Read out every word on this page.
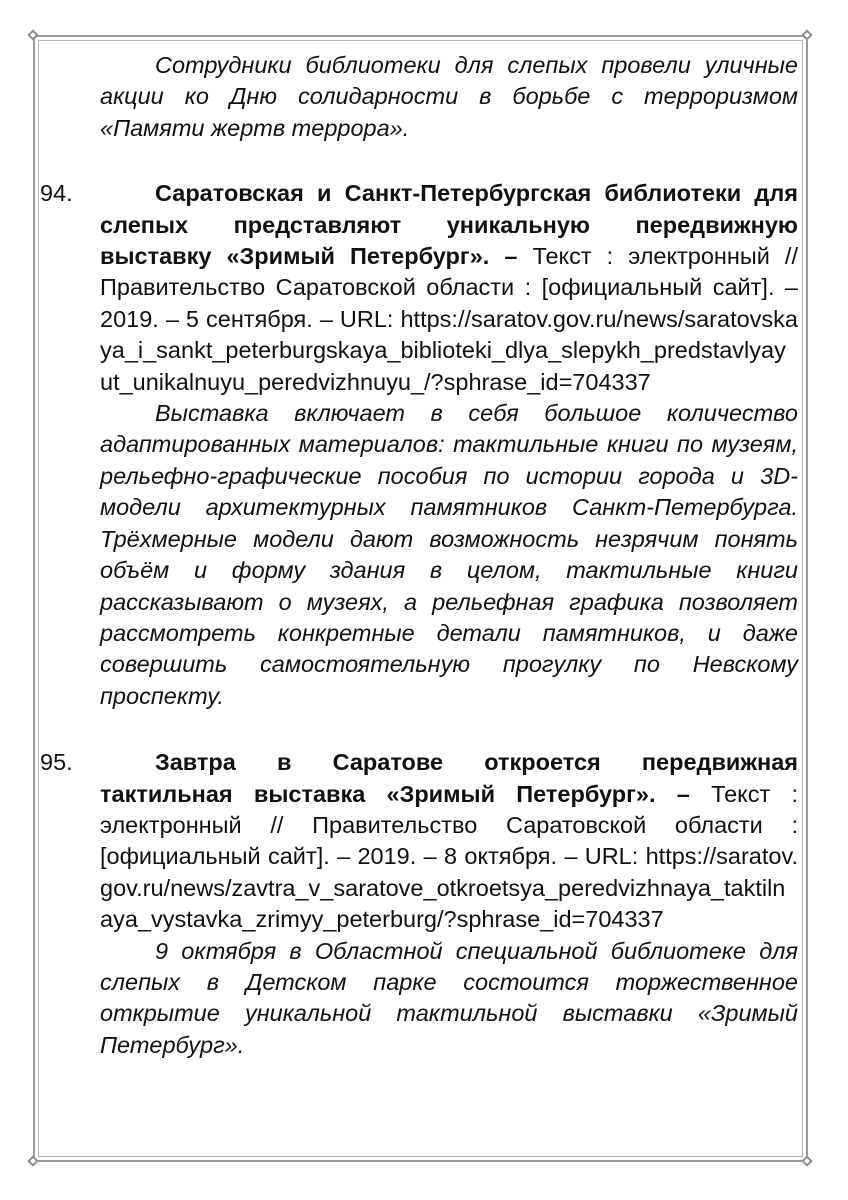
Сотрудники библиотеки для слепых провели уличные акции ко Дню солидарности в борьбе с терроризмом «Памяти жертв террора».

94.	Саратовская и Санкт-Петербургская библиотеки для слепых представляют уникальную передвижную выставку «Зримый Петербург». – Текст : электронный // Правительство Саратовской области : [официальный сайт]. – 2019. – 5 сентября. – URL: https://saratov.gov.ru/news/saratovskaya_i_sankt_peterburgskaya_biblioteki_dlya_slepykh_predstavlyayut_unikalnuyu_peredvizhnuyu_/?sphrase_id=704337

Выставка включает в себя большое количество адаптированных материалов: тактильные книги по музеям, рельефно-графические пособия по истории города и 3D-модели архитектурных памятников Санкт-Петербурга. Трёхмерные модели дают возможность незрячим понять объём и форму здания в целом, тактильные книги рассказывают о музеях, а рельефная графика позволяет рассмотреть конкретные детали памятников, и даже совершить самостоятельную прогулку по Невскому проспекту.

95.	Завтра в Саратове откроется передвижная тактильная выставка «Зримый Петербург». – Текст : электронный // Правительство Саратовской области : [официальный сайт]. – 2019. – 8 октября. – URL: https://saratov.gov.ru/news/zavtra_v_saratove_otkroetsya_peredvizhnaya_taktilnaya_vystavka_zrimyy_peterburg/?sphrase_id=704337

9 октября в Областной специальной библиотеке для слепых в Детском парке состоится торжественное открытие уникальной тактильной выставки «Зримый Петербург».
